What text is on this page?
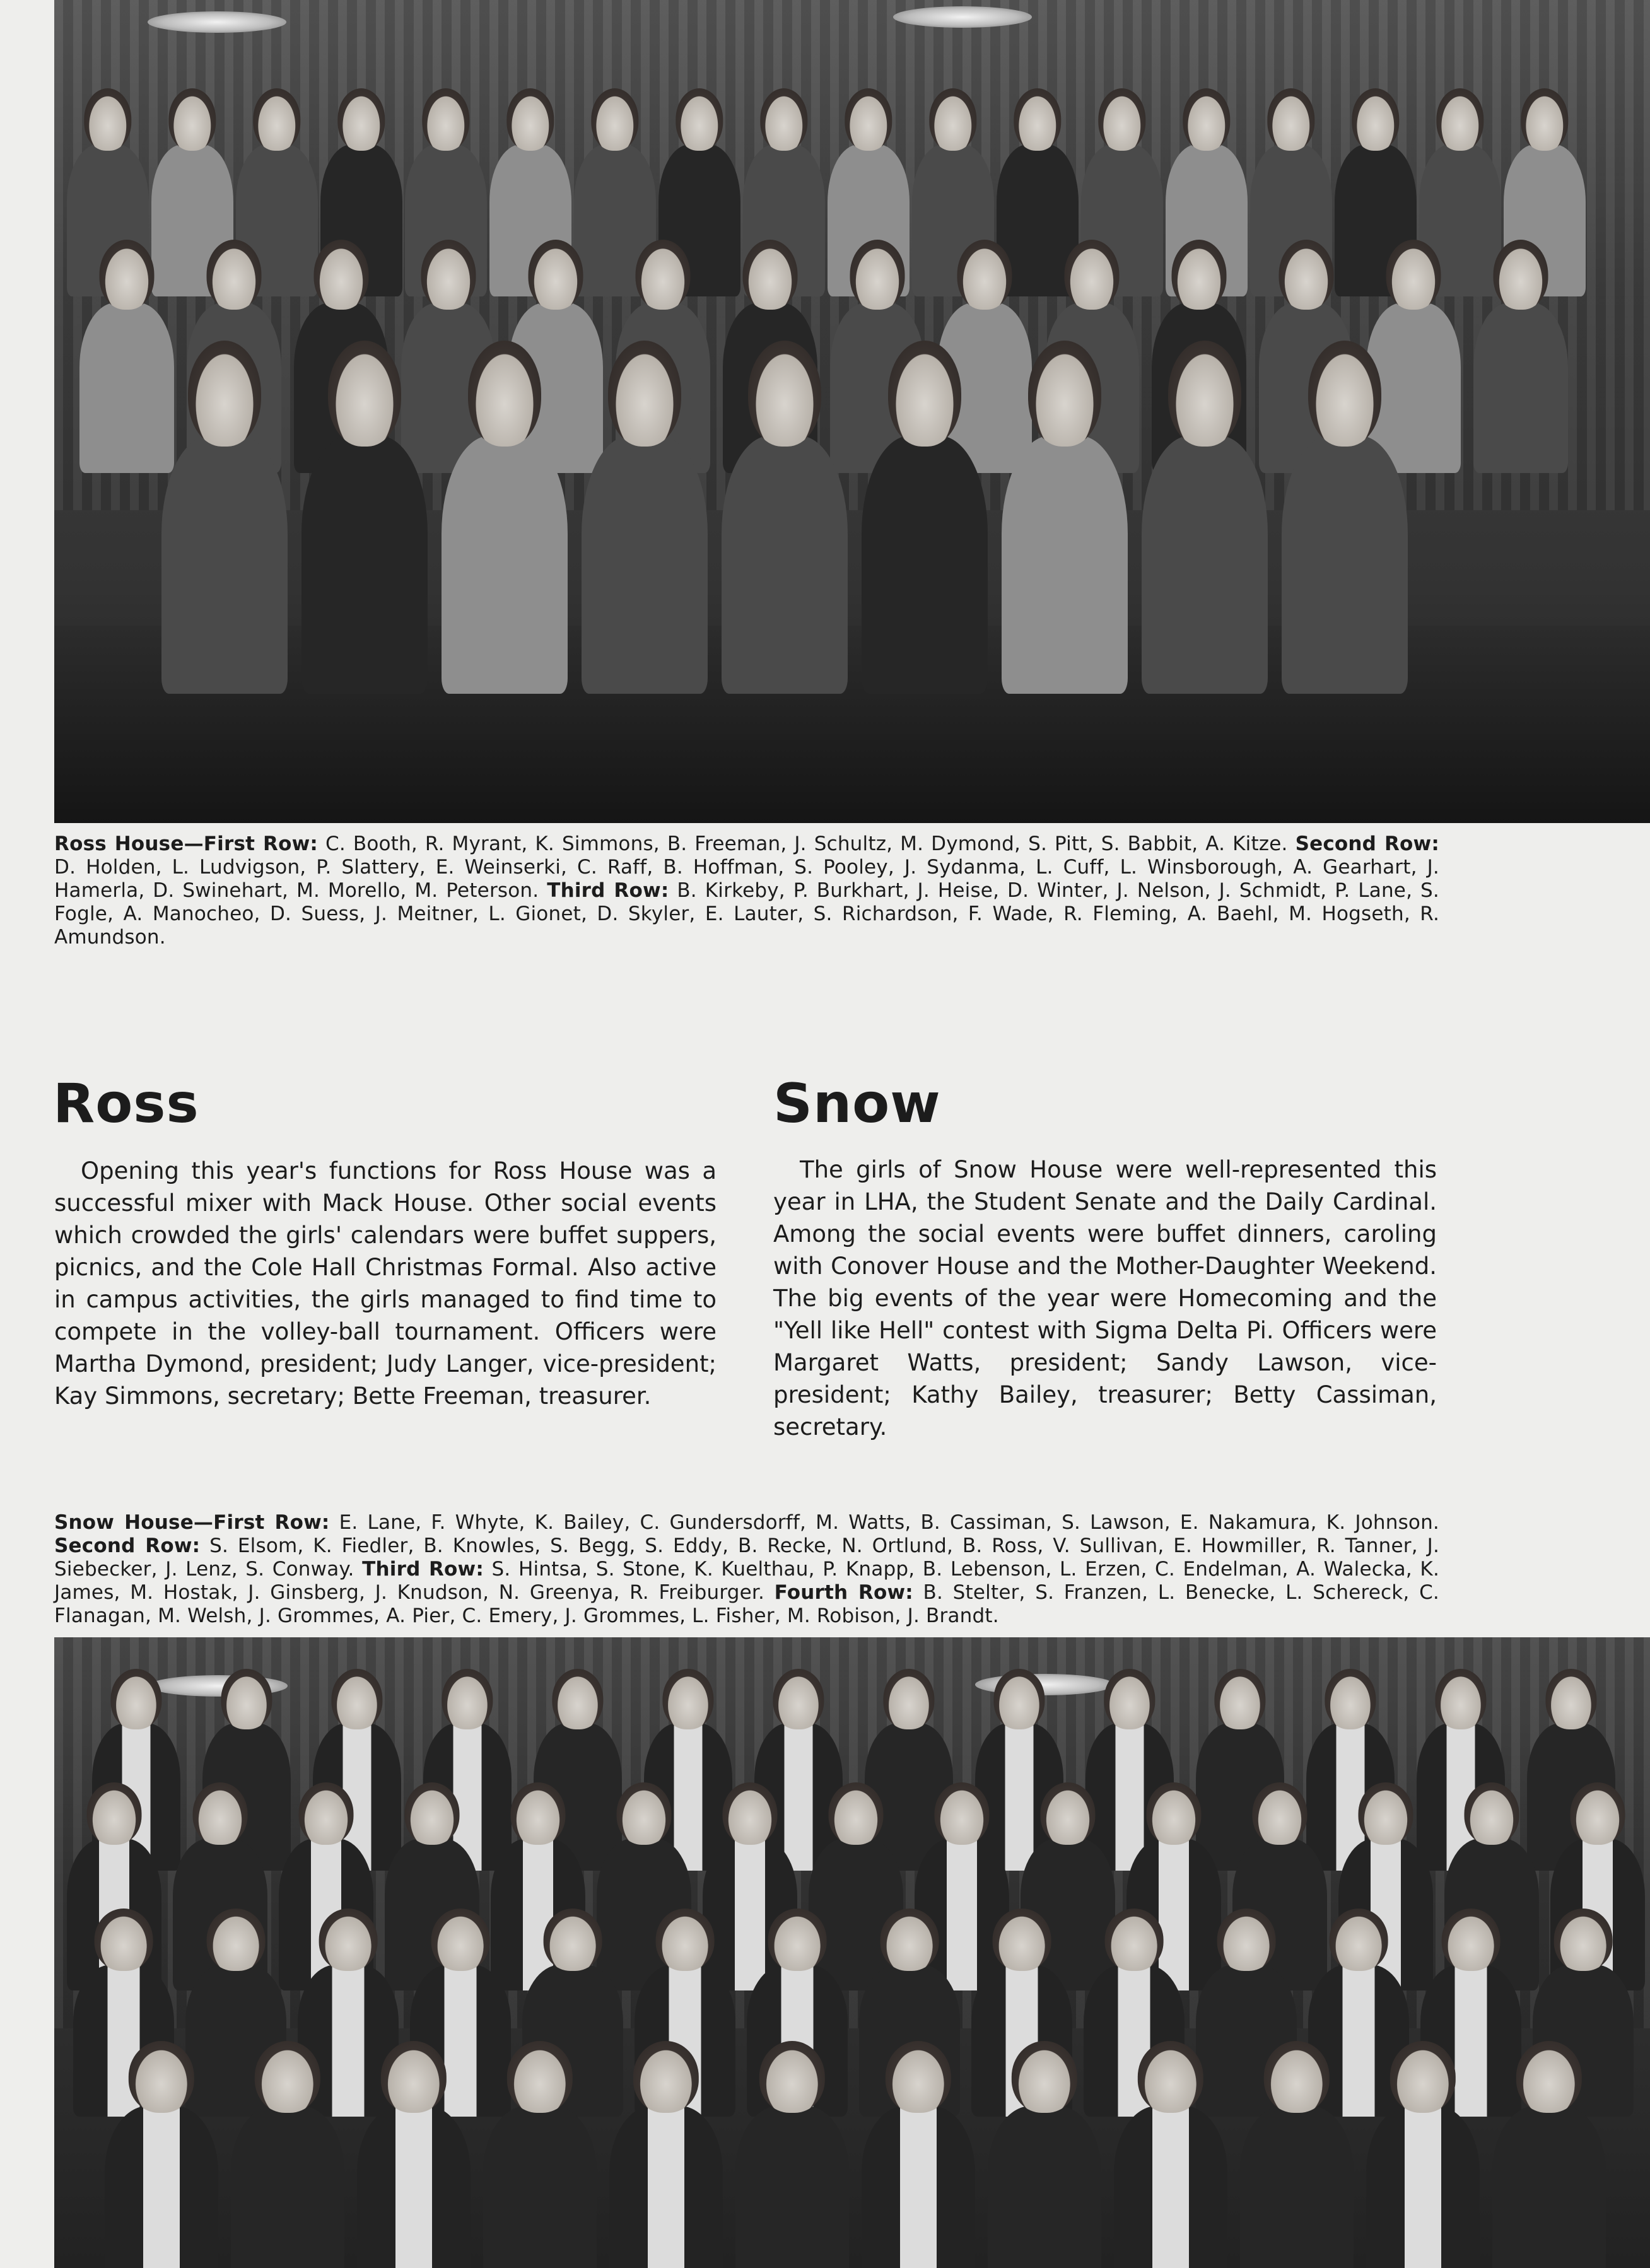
Ross House—First Row: C. Booth, R. Myrant, K. Simmons, B. Freeman, J. Schultz, M. Dymond, S. Pitt, S. Babbit, A. Kitze. Second Row: D. Holden, L. Ludvigson, P. Slattery, E. Weinserki, C. Raff, B. Hoffman, S. Pooley, J. Sydanma, L. Cuff, L. Winsborough, A. Gearhart, J. Hamerla, D. Swinehart, M. Morello, M. Peterson. Third Row: B. Kirkeby, P. Burkhart, J. Heise, D. Winter, J. Nelson, J. Schmidt, P. Lane, S. Fogle, A. Manocheo, D. Suess, J. Meitner, L. Gionet, D. Skyler, E. Lauter, S. Richardson, F. Wade, R. Fleming, A. Baehl, M. Hogseth, R. Amundson.

Ross	Snow

Opening this year's functions for Ross House was a successful mixer with Mack House. Other social events which crowded the girls' calendars were buffet suppers, picnics, and the Cole Hall Christmas Formal. Also active in campus activities, the girls managed to find time to compete in the volley-ball tournament. Officers were Martha Dymond, president; Judy Langer, vice-president; Kay Simmons, secretary; Bette Freeman, treasurer.

The girls of Snow House were well-represented this year in LHA, the Student Senate and the Daily Cardinal. Among the social events were buffet dinners, caroling with Conover House and the Mother-Daughter Weekend. The big events of the year were Homecoming and the "Yell like Hell" contest with Sigma Delta Pi. Officers were Margaret Watts, president; Sandy Lawson, vice-president; Kathy Bailey, treasurer; Betty Cassiman, secretary.

Snow House—First Row: E. Lane, F. Whyte, K. Bailey, C. Gundersdorff, M. Watts, B. Cassiman, S. Lawson, E. Nakamura, K. Johnson. Second Row: S. Elsom, K. Fiedler, B. Knowles, S. Begg, S. Eddy, B. Recke, N. Ortlund, B. Ross, V. Sullivan, E. Howmiller, R. Tanner, J. Siebecker, J. Lenz, S. Conway. Third Row: S. Hintsa, S. Stone, K. Kuelthau, P. Knapp, B. Lebenson, L. Erzen, C. Endelman, A. Walecka, K. James, M. Hostak, J. Ginsberg, J. Knudson, N. Greenya, R. Freiburger. Fourth Row: B. Stelter, S. Franzen, L. Benecke, L. Schereck, C. Flanagan, M. Welsh, J. Grommes, A. Pier, C. Emery, J. Grommes, L. Fisher, M. Robison, J. Brandt.
